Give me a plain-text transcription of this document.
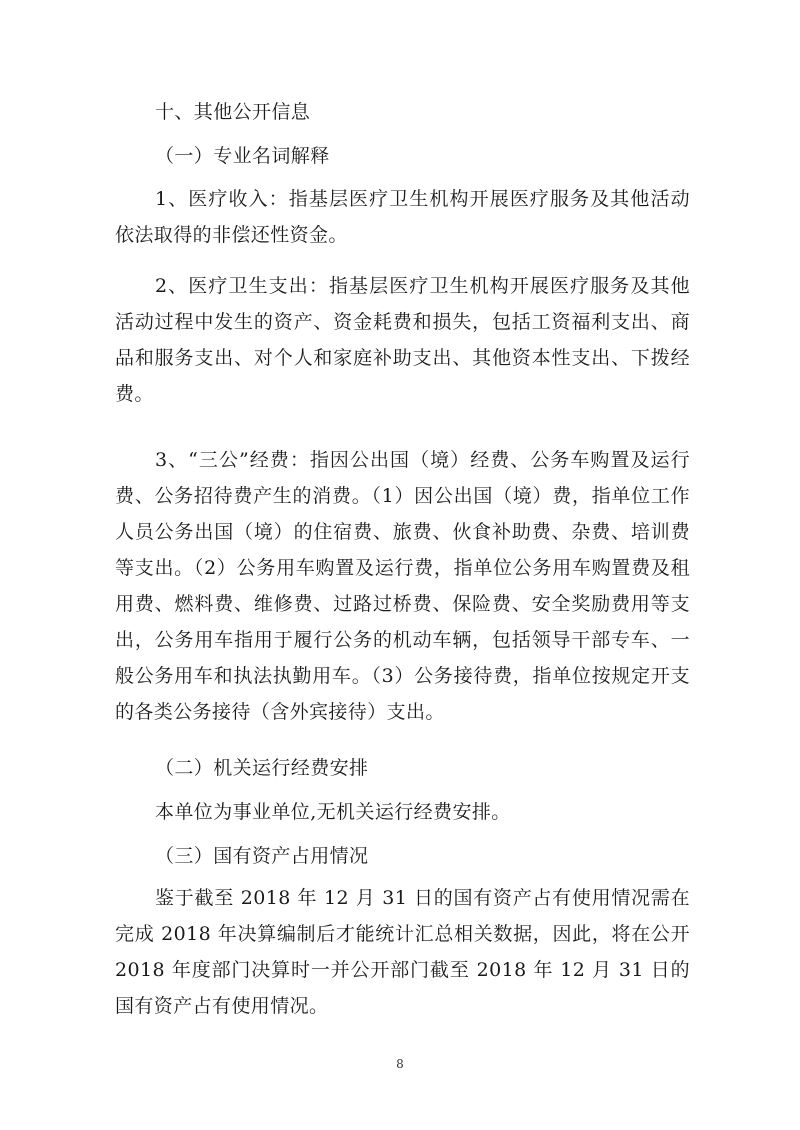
十、其他公开信息

（一）专业名词解释

1、医疗收入：指基层医疗卫生机构开展医疗服务及其他活动依法取得的非偿还性资金。

2、医疗卫生支出：指基层医疗卫生机构开展医疗服务及其他活动过程中发生的资产、资金耗费和损失，包括工资福利支出、商品和服务支出、对个人和家庭补助支出、其他资本性支出、下拨经费。

3、“三公”经费：指因公出国（境）经费、公务车购置及运行费、公务招待费产生的消费。（1）因公出国（境）费，指单位工作人员公务出国（境）的住宿费、旅费、伙食补助费、杂费、培训费等支出。（2）公务用车购置及运行费，指单位公务用车购置费及租用费、燃料费、维修费、过路过桥费、保险费、安全奖励费用等支出，公务用车指用于履行公务的机动车辆，包括领导干部专车、一般公务用车和执法执勤用车。（3）公务接待费，指单位按规定开支的各类公务接待（含外宾接待）支出。

（二）机关运行经费安排

本单位为事业单位,无机关运行经费安排。

（三）国有资产占用情况

鉴于截至 2018 年 12 月 31 日的国有资产占有使用情况需在完成 2018 年决算编制后才能统计汇总相关数据，因此，将在公开 2018 年度部门决算时一并公开部门截至 2018 年 12 月 31 日的国有资产占有使用情况。

8
